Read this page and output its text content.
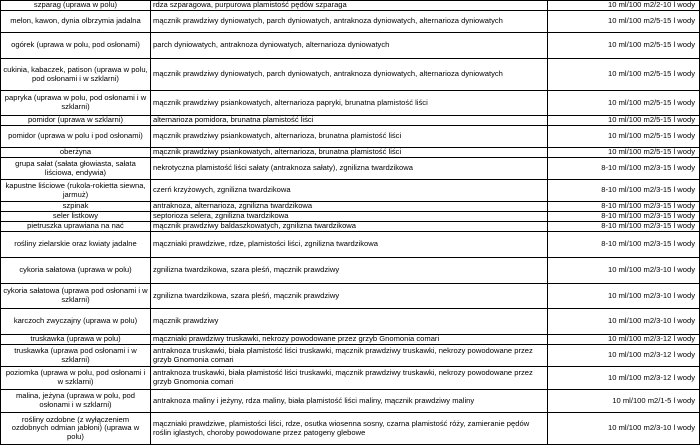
szparag (uprawa w polu)	rdza szparagowa, purpurowa plamistość pędów szparaga	10 ml/100 m2/2-10 l wody
melon, kawon, dynia olbrzymia jadalna	mącznik prawdziwy dyniowatych, parch dyniowatych, antraknoza dyniowatych, alternarioza dyniowatych	10 ml/100 m2/5-15 l wody
ogórek (uprawa w polu, pod osłonami)	parch dyniowatych, antraknoza dyniowatych, alternarioza dyniowatych	10 ml/100 m2/5-15 l wody
cukinia, kabaczek, patison (uprawa w polu, pod osłonami i w szklarni)	mącznik prawdziwy dyniowatych, parch dyniowatych, antraknoza dyniowatych, alternarioza dyniowatych	10 ml/100 m2/5-15 l wody
papryka (uprawa w polu, pod osłonami i w szklarni)	mącznik prawdziwy psiankowatych, alternarioza papryki, brunatna plamistość liści	10 ml/100 m2/5-15 l wody
pomidor (uprawa w szklarni)	alternarioza pomidora, brunatna plamistość liści	10 ml/100 m2/5-15 l wody
pomidor (uprawa w polu i pod osłonami)	mącznik prawdziwy psiankowatych, alternarioza, brunatna plamistość liści	10 ml/100 m2/5-15 l wody
oberżyna	mącznik prawdziwy psiankowatych, alternarioza, brunatna plamistość liści	10 ml/100 m2/5-15 l wody
grupa sałat (sałata głowiasta, sałata liściowa, endywia)	nekrotyczna plamistość liści sałaty (antraknoza sałaty), zgnilizna twardzikowa	8-10 ml/100 m2/3-15 l wody
kapustne liściowe (rukola-rokietta siewna, jarmuż)	czerń krzyżowych, zgnilizna twardzikowa	8-10 ml/100 m2/3-15 l wody
szpinak	antraknoza, alternarioza, zgnilizna twardzikowa	8-10 ml/100 m2/3-15 l wody
seler listkowy	septorioza selera, zgnilizna twardzikowa	8-10 ml/100 m2/3-15 l wody
pietruszka uprawiana na nać	mącznik prawdziwy baldaszkowatych, zgnilizna twardzikowa	8-10 ml/100 m2/3-15 l wody
rośliny zielarskie oraz kwiaty jadalne	mączniaki prawdziwe, rdze, plamistości liści, zgnilizna twardzikowa	8-10 ml/100 m2/3-15 l wody
cykoria sałatowa (uprawa w polu)	zgnilizna twardzikowa, szara pleśń, mącznik prawdziwy	10 ml/100 m2/3-10 l wody
cykoria sałatowa (uprawa pod osłonami i w szklarni)	zgnilizna twardzikowa, szara pleśń, mącznik prawdziwy	10 ml/100 m2/3-10 l wody
karczoch zwyczajny (uprawa w polu)	mącznik prawdziwy	10 ml/100 m2/3-10 l wody
truskawka (uprawa w polu)	mączniaki prawdziwy truskawki, nekrozy powodowane przez grzyb Gnomonia comari	10 ml/100 m2/3-12 l wody
truskawka (uprawa pod osłonami i w szklarni)	antraknoza truskawki, biała plamistość liści truskawki, mącznik prawdziwy truskawki, nekrozy powodowane przez grzyb Gnomonia comari	10 ml/100 m2/3-12 l wody
poziomka (uprawa w polu, pod osłonami i w szklarni)	antraknoza truskawki, biała plamistość liści truskawki, mącznik prawdziwy truskawki, nekrozy powodowane przez grzyb Gnomonia comari	10 ml/100 m2/3-12 l wody
malina, jeżyna (uprawa w polu, pod osłonami i w szklarni)	antraknoza maliny i jeżyny, rdza maliny, biała plamistość liści maliny, mącznik prawdziwy maliny	10 ml/100 m2/1-5 l wody
rośliny ozdobne (z wyłączeniem ozdobnych odmian jabłoni) (uprawa w polu)	mączniaki prawdziwe, plamistości liści, rdze, osutka wiosenna sosny, czarna plamistość róży, zamieranie pędów roślin iglastych, choroby powodowane przez patogeny glebowe	10 ml/100 m2/3-10 l wody
